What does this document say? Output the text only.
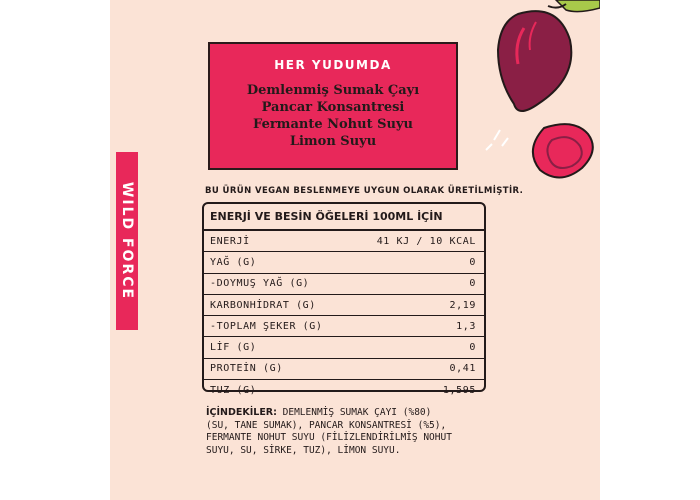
WILD FORCE
HER YUDUMDA
Demlenmiş Sumak Çayı
Pancar Konsantresi
Fermante Nohut Suyu
Limon Suyu
BU ÜRÜN VEGAN BESLENMEYE UYGUN OLARAK ÜRETİLMİŞTİR.
ENERJİ VE BESİN ÖĞELERİ 100ML İÇİN
ENERJİ	41 KJ / 10 KCAL
YAĞ (G)	0
-DOYMUŞ YAĞ (G)	0
KARBONHİDRAT (G)	2,19
-TOPLAM ŞEKER (G)	1,3
LİF (G)	0
PROTEİN (G)	0,41
TUZ (G)	1,595
İÇİNDEKİLER: DEMLENMİŞ SUMAK ÇAYI (%80) (SU, TANE SUMAK), PANCAR KONSANTRESİ (%5), FERMANTE NOHUT SUYU (FİLİZLENDİRİLMİŞ NOHUT SUYU, SU, SİRKE, TUZ), LİMON SUYU.
